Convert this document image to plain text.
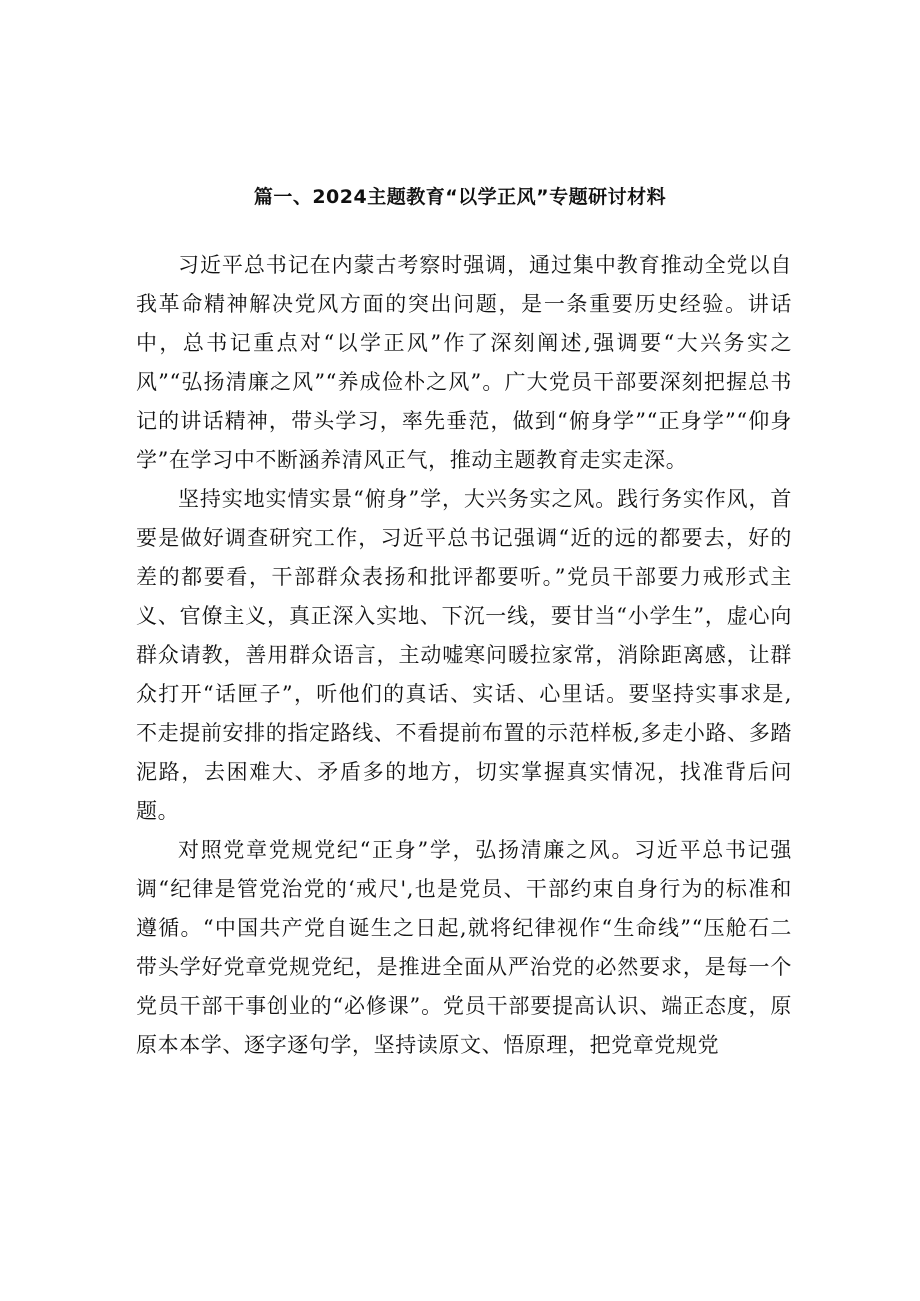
篇一、2024主题教育“以学正风”专题研讨材料

习近平总书记在内蒙古考察时强调，通过集中教育推动全党以自我革命精神解决党风方面的突出问题，是一条重要历史经验。讲话中，总书记重点对“以学正风”作了深刻阐述,强调要“大兴务实之风”“弘扬清廉之风”“养成俭朴之风”。广大党员干部要深刻把握总书记的讲话精神，带头学习，率先垂范，做到“俯身学”“正身学”“仰身学”在学习中不断涵养清风正气，推动主题教育走实走深。

坚持实地实情实景“俯身”学，大兴务实之风。践行务实作风，首要是做好调查研究工作，习近平总书记强调“近的远的都要去，好的差的都要看，干部群众表扬和批评都要听。”党员干部要力戒形式主义、官僚主义，真正深入实地、下沉一线，要甘当“小学生”，虚心向群众请教，善用群众语言，主动嘘寒问暖拉家常，消除距离感，让群众打开“话匣子”，听他们的真话、实话、心里话。要坚持实事求是,不走提前安排的指定路线、不看提前布置的示范样板,多走小路、多踏泥路，去困难大、矛盾多的地方，切实掌握真实情况，找准背后问题。

对照党章党规党纪“正身”学，弘扬清廉之风。习近平总书记强调“纪律是管党治党的‘戒尺',也是党员、干部约束自身行为的标准和遵循。“中国共产党自诞生之日起,就将纪律视作“生命线”“压舱石二带头学好党章党规党纪，是推进全面从严治党的必然要求，是每一个党员干部干事创业的“必修课”。党员干部要提高认识、端正态度，原原本本学、逐字逐句学，坚持读原文、悟原理，把党章党规党
